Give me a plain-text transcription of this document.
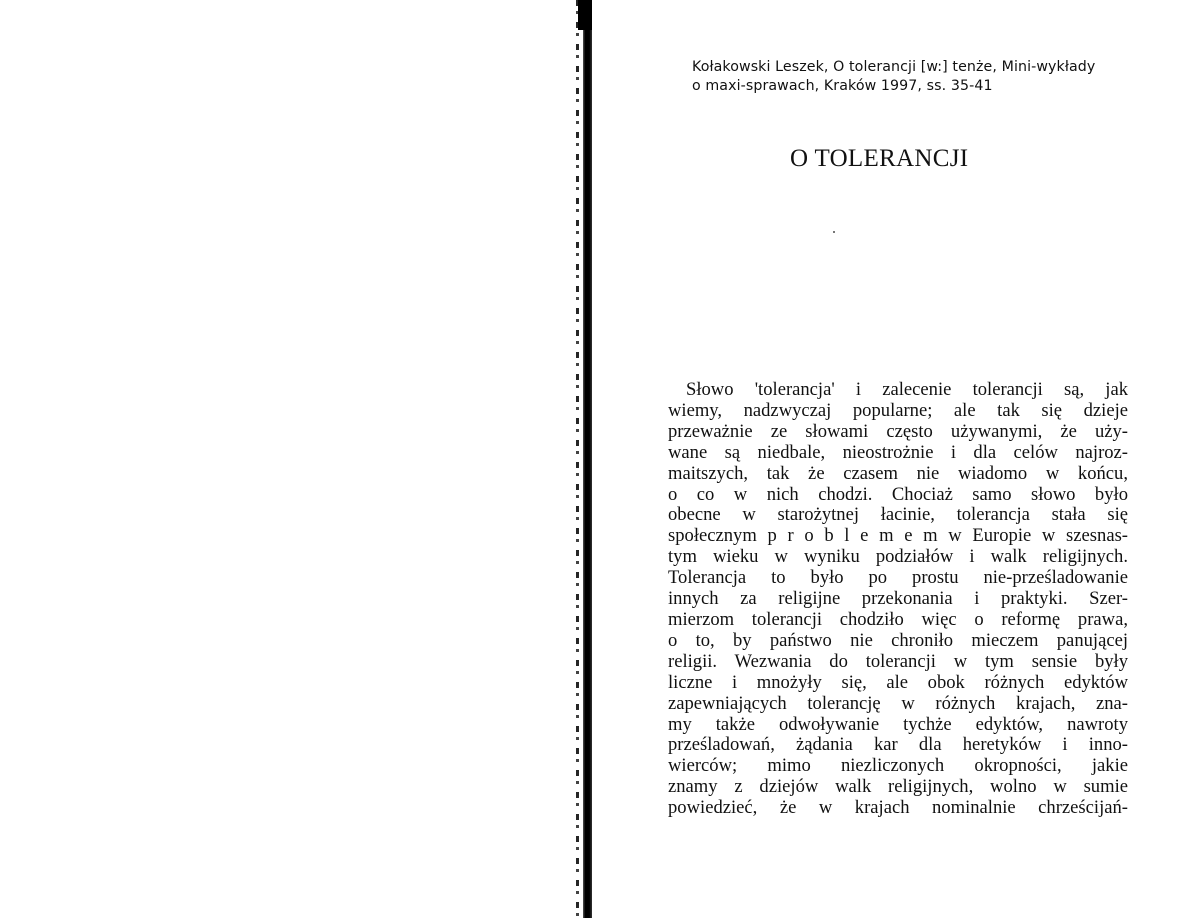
Kołakowski Leszek, O tolerancji [w:] tenże, Mini-wykłady
o maxi-sprawach, Kraków 1997, ss. 35-41
O TOLERANCJI
Słowo 'tolerancja' i zalecenie tolerancji są, jak
wiemy, nadzwyczaj popularne; ale tak się dzieje
przeważnie ze słowami często używanymi, że uży-
wane są niedbale, nieostrożnie i dla celów najroz-
maitszych, tak że czasem nie wiadomo w końcu,
o co w nich chodzi. Chociaż samo słowo było
obecne w starożytnej łacinie, tolerancja stała się
społecznym p r o b l e m e m w Europie w szesnas-
tym wieku w wyniku podziałów i walk religijnych.
Tolerancja to było po prostu nie-prześladowanie
innych za religijne przekonania i praktyki. Szer-
mierzom tolerancji chodziło więc o reformę prawa,
o to, by państwo nie chroniło mieczem panującej
religii. Wezwania do tolerancji w tym sensie były
liczne i mnożyły się, ale obok różnych edyktów
zapewniających tolerancję w różnych krajach, zna-
my także odwoływanie tychże edyktów, nawroty
prześladowań, żądania kar dla heretyków i inno-
wierców; mimo niezliczonych okropności, jakie
znamy z dziejów walk religijnych, wolno w sumie
powiedzieć, że w krajach nominalnie chrześcijań-
